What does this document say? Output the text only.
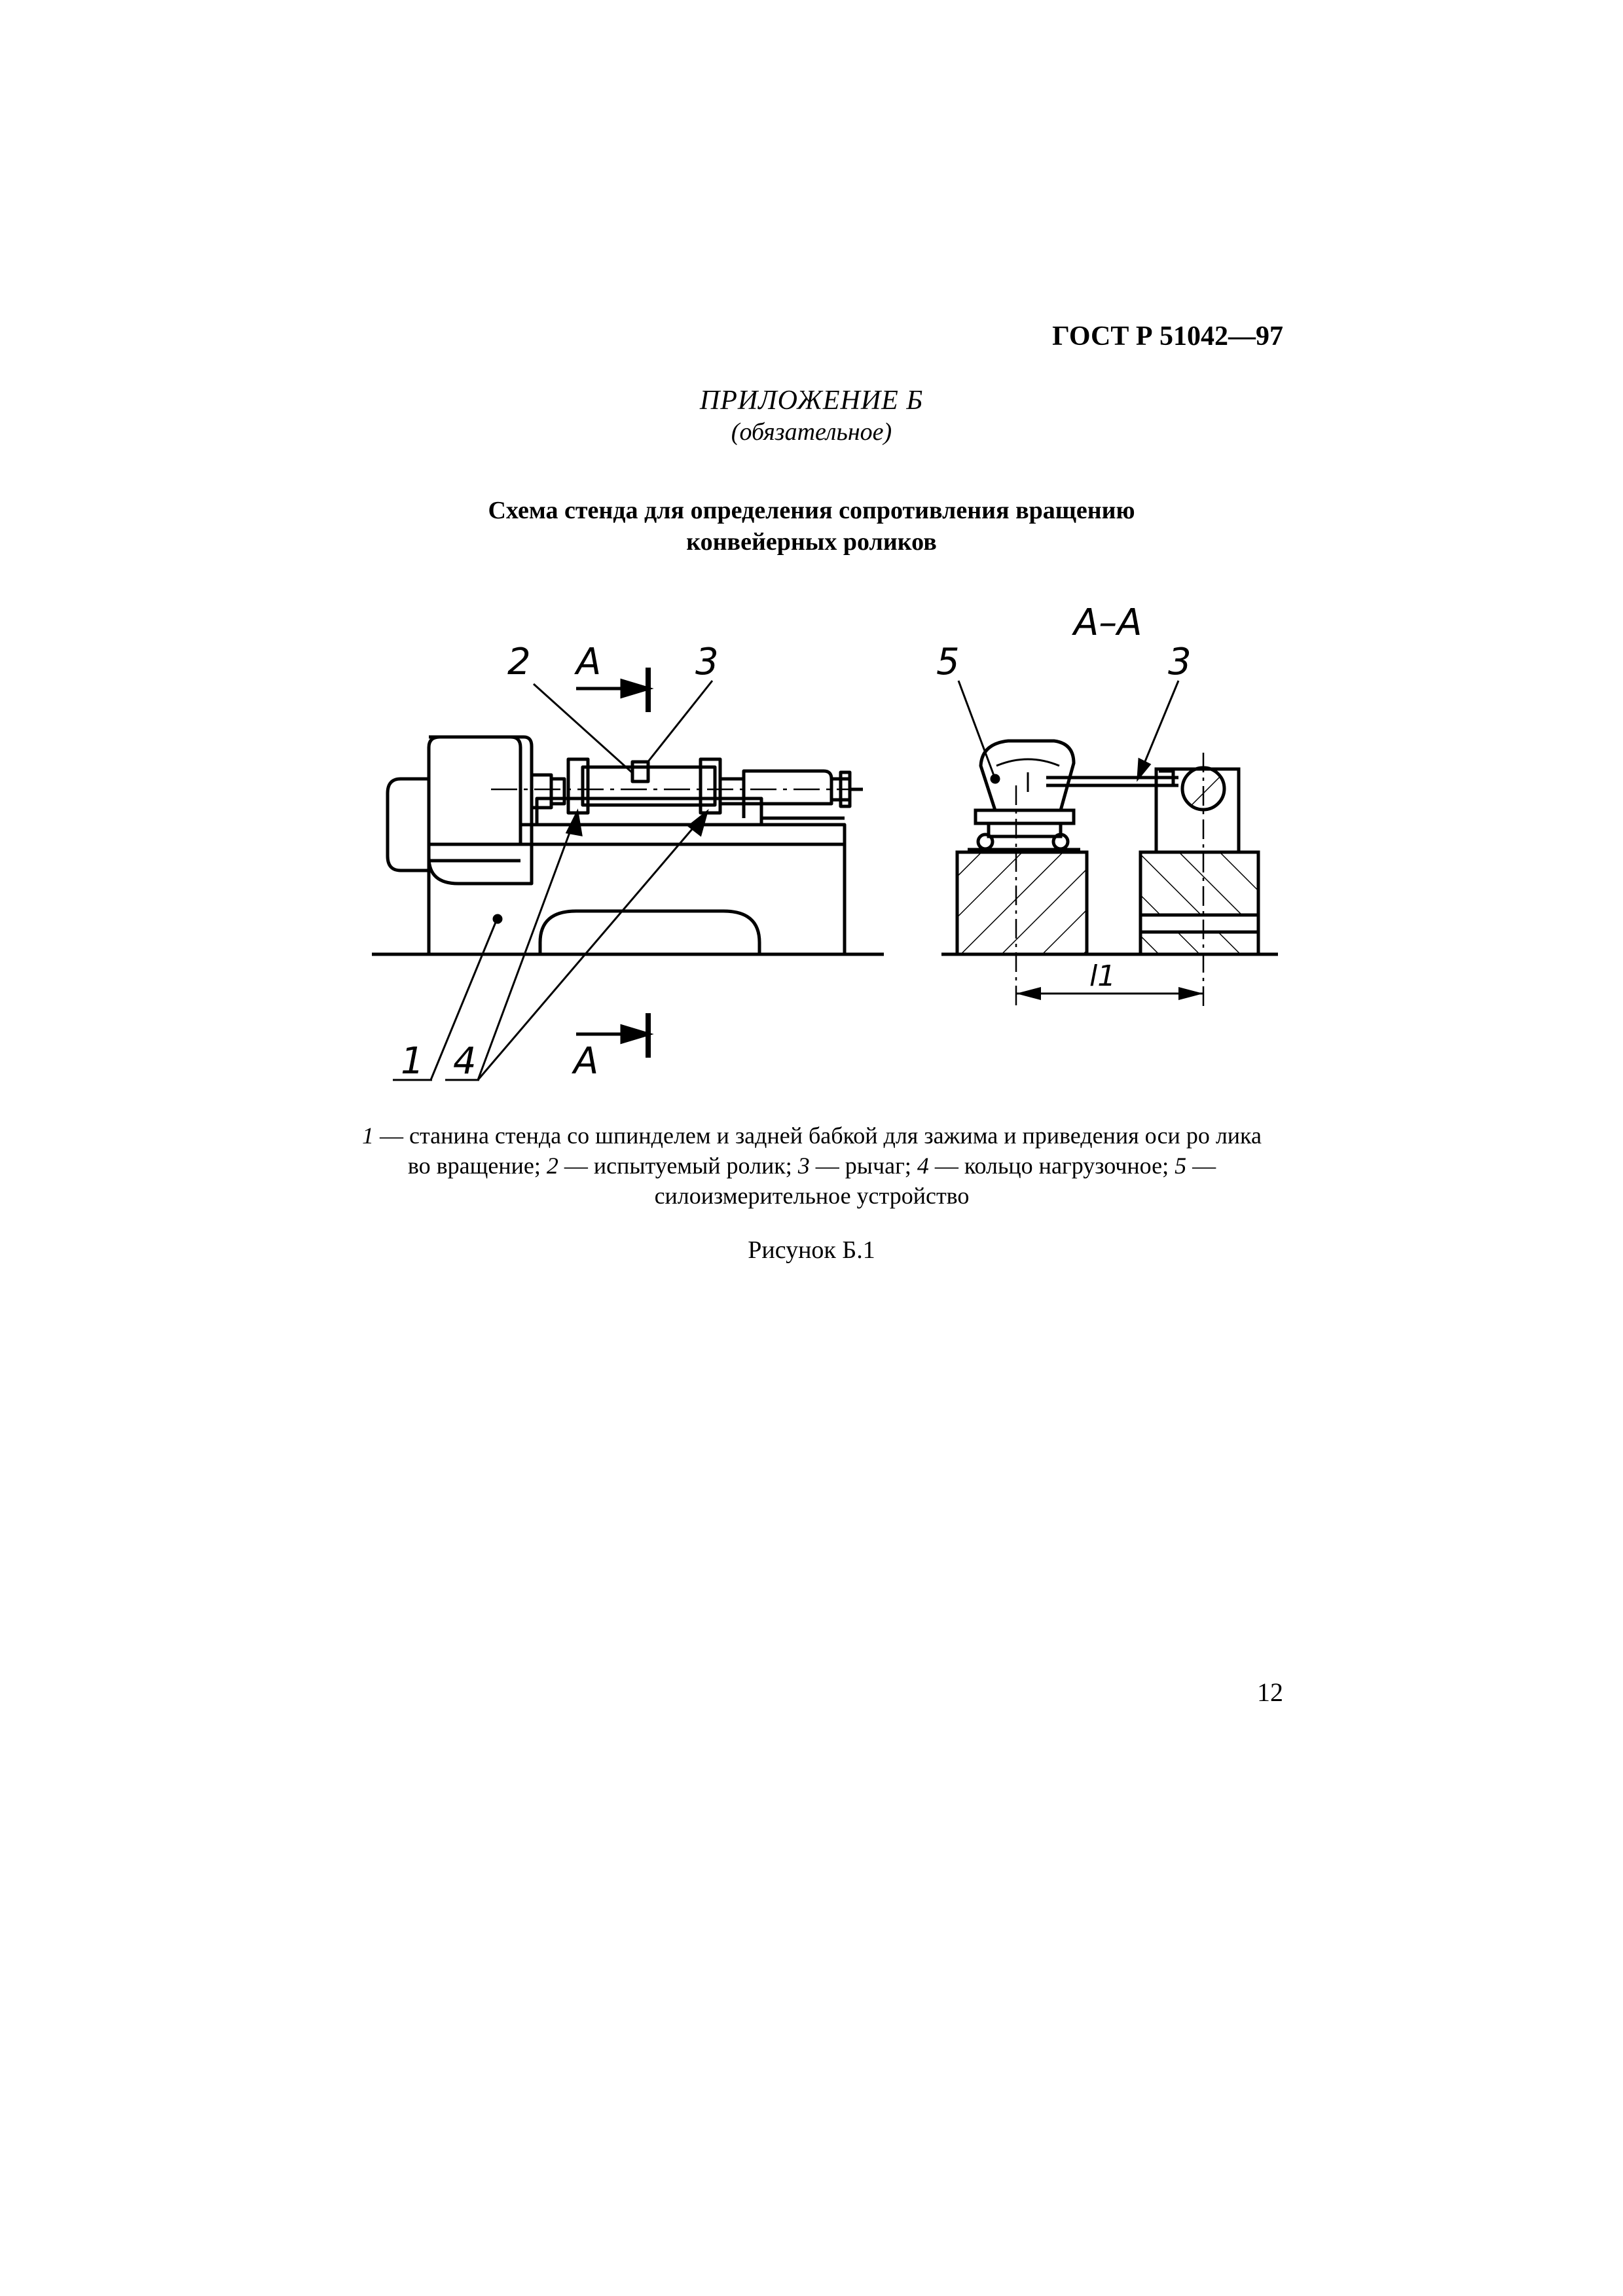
ГОСТ Р 51042—97
ПРИЛОЖЕНИЕ Б
(обязательное)
Схема стенда для определения сопротивления вращению
конвейерных роликов
А–А
А
А
2	3
1 4
5	3
l1
1 — станина стенда со шпинделем и задней бабкой для зажима и приведения оси ро лика во вращение; 2 — испытуемый ролик; 3 — рычаг; 4 — кольцо нагрузочное; 5 — силоизмерительное устройство
Рисунок Б.1
12
